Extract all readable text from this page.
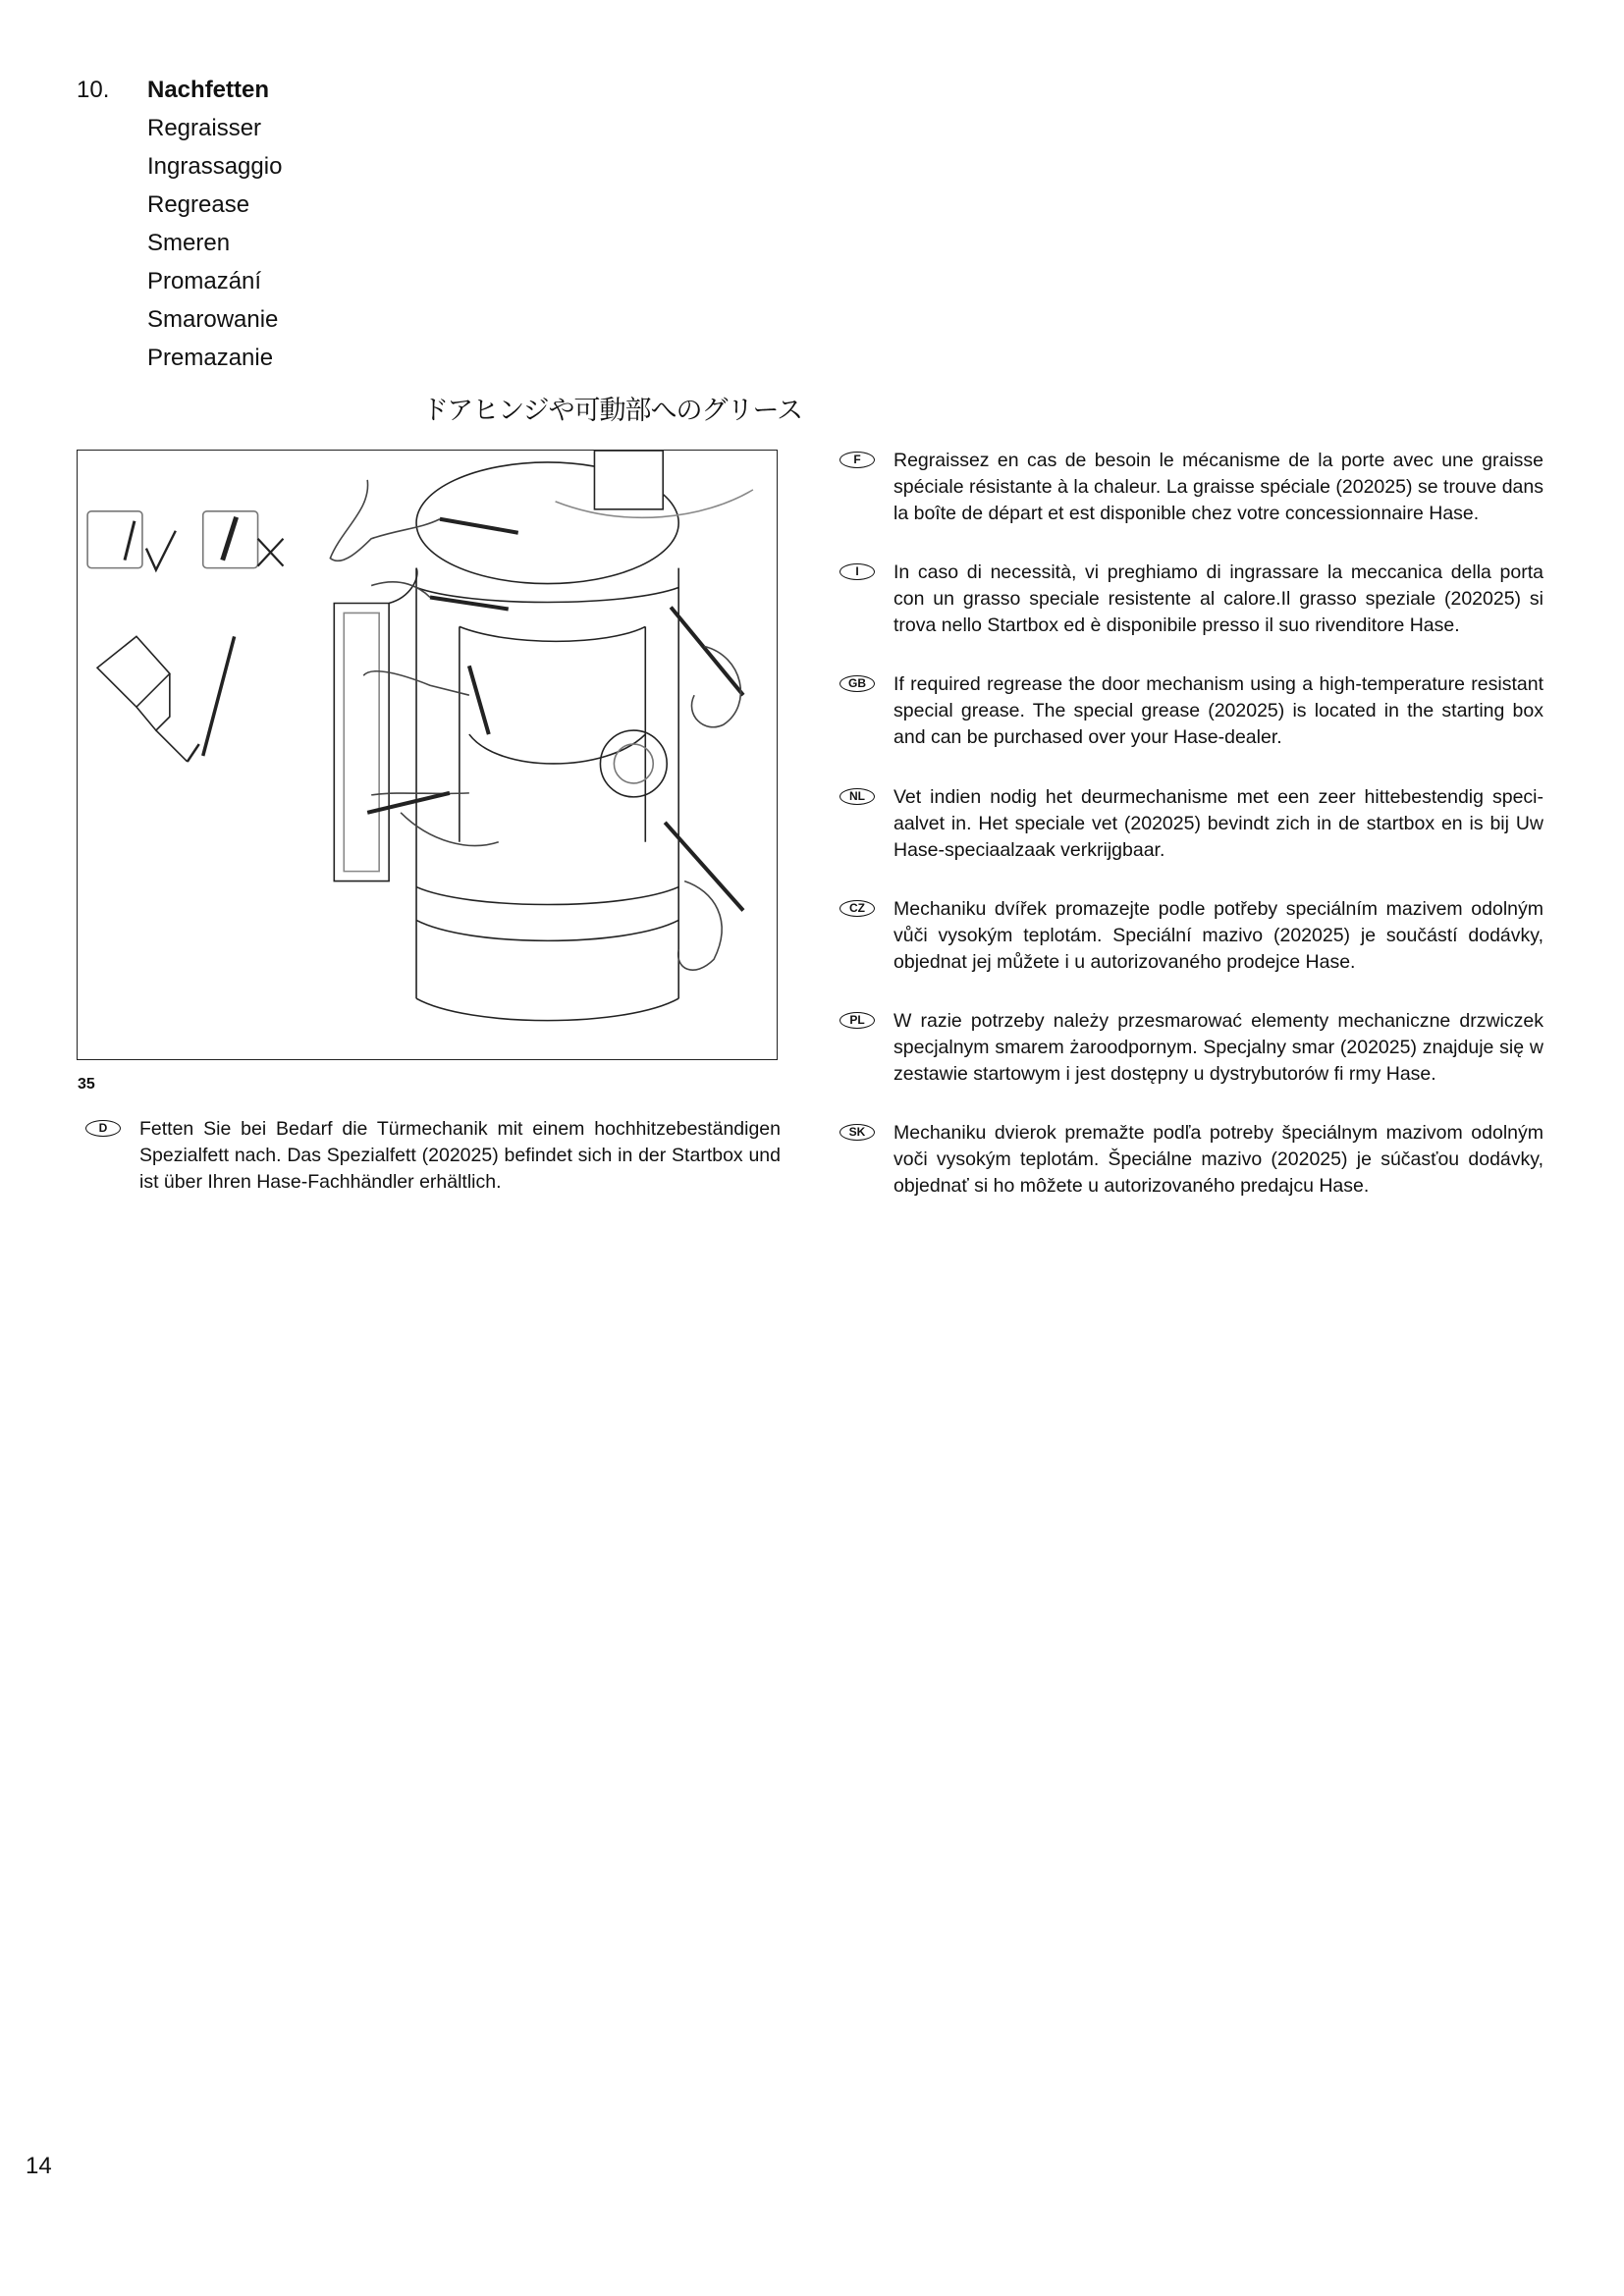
10.	Nachfetten
Regraisser
Ingrassaggio
Regrease
Smeren
Promazání
Smarowanie
Premazanie
ドアヒンジや可動部へのグリース
35
D	Fetten Sie bei Bedarf die Türmechanik mit einem hochhitzebeständigen Spezialfett nach. Das Spezialfett (202025) befindet sich in der Startbox und ist über Ihren Hase-Fachhändler erhältlich.
F	Regraissez en cas de besoin le mécanisme de la porte avec une graisse spéciale résistante à la chaleur. La graisse spéciale (202025) se trouve dans la boîte de départ et est disponible chez votre concessionnaire Hase.
I	In caso di necessità, vi preghiamo di ingrassare la meccanica della porta con un grasso speciale resistente al calore.Il grasso speziale (202025) si trova nello Startbox ed è disponibile presso il suo rivenditore Hase.
GB	If required regrease the door mechanism using a high-temperature resistant special grease. The special grease (202025) is located in the starting box and can be purchased over your Hase-dealer.
NL	Vet indien nodig het deurmechanisme met een zeer hittebestendig speci-aalvet in. Het speciale vet (202025) bevindt zich in de startbox en is bij Uw Hase-speciaalzaak verkrijgbaar.
CZ	Mechaniku dvířek promazejte podle potřeby speciálním mazivem odolným vůči vysokým teplotám. Speciální mazivo (202025) je součástí dodávky, objednat jej můžete i u autorizovaného prodejce Hase.
PL	W razie potrzeby należy przesmarować elementy mechaniczne drzwiczek specjalnym smarem żaroodpornym. Specjalny smar (202025) znajduje się w zestawie startowym i jest dostępny u dystrybutorów fi rmy Hase.
SK	Mechaniku dvierok premažte podľa potreby špeciálnym mazivom odolným voči vysokým teplotám. Špeciálne mazivo (202025) je súčasťou dodávky, objednať si ho môžete u autorizovaného predajcu Hase.
14
